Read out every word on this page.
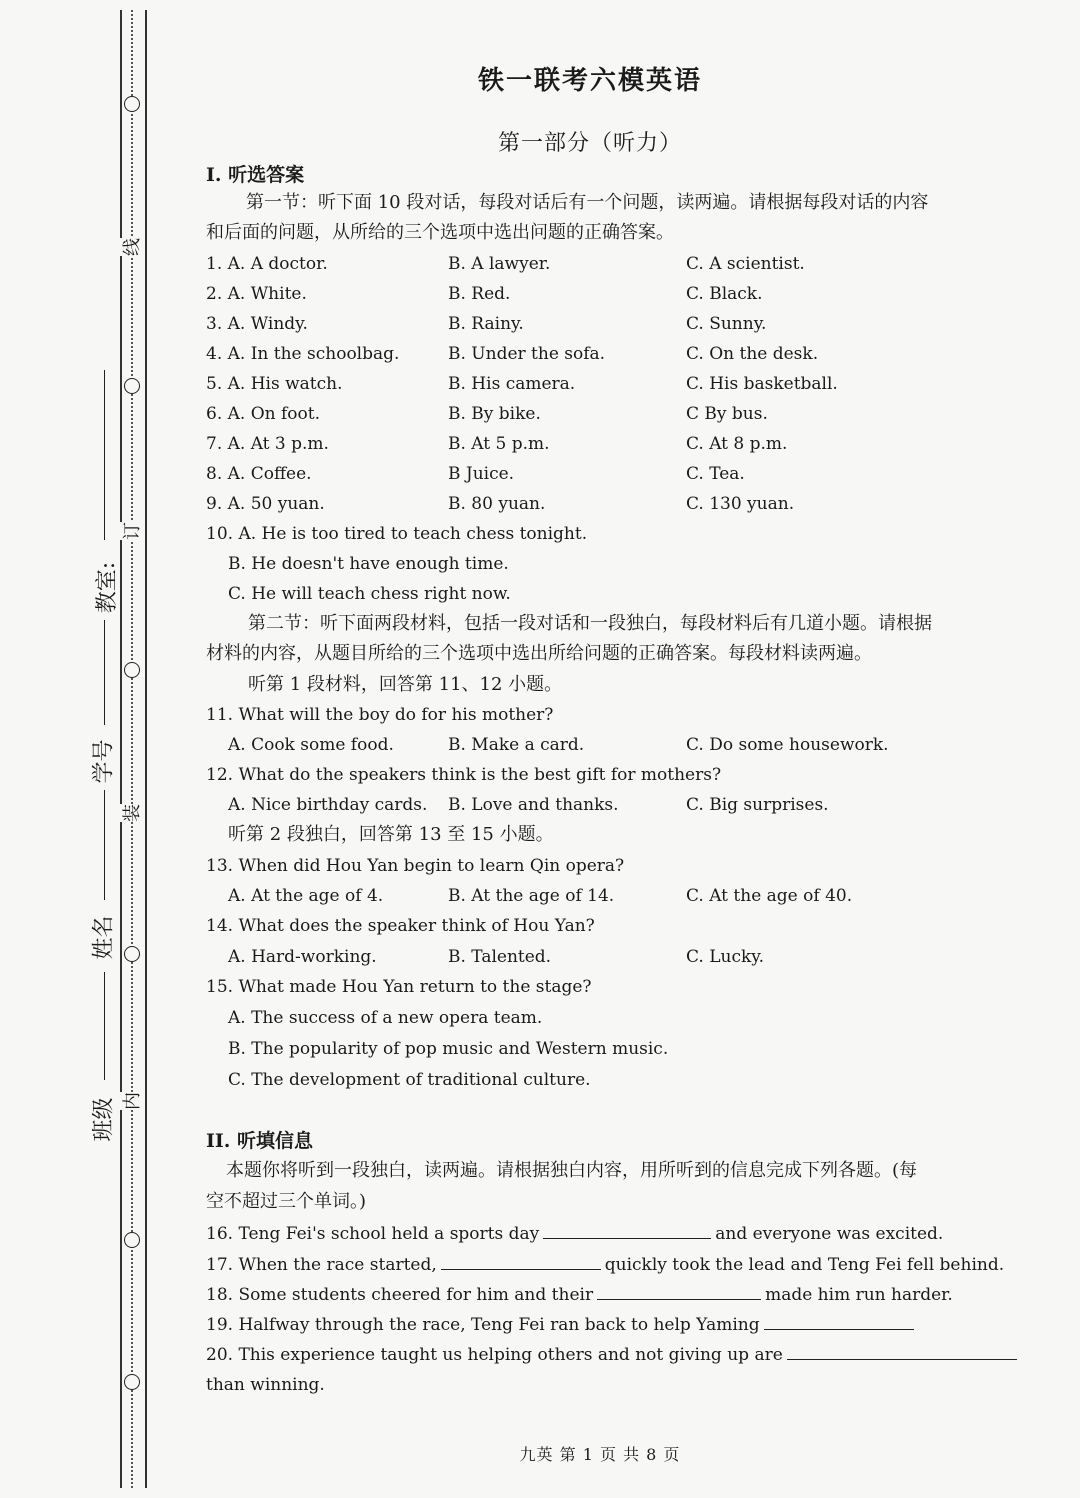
线
订
装
内
教室:
学号
姓名
班级
铁一联考六模英语
第一部分（听力）
I. 听选答案
第一节：听下面 10 段对话，每段对话后有一个问题，读两遍。请根据每段对话的内容
和后面的问题，从所给的三个选项中选出问题的正确答案。
1. A. A doctor.	B. A lawyer.	C. A scientist.
2. A. White.	B. Red.	C. Black.
3. A. Windy.	B. Rainy.	C. Sunny.
4. A. In the schoolbag.	B. Under the sofa.	C. On the desk.
5. A. His watch.	B. His camera.	C. His basketball.
6. A. On foot.	B. By bike.	C By bus.
7. A. At 3 p.m.	B. At 5 p.m.	C. At 8 p.m.
8. A. Coffee.	B Juice.	C. Tea.
9. A. 50 yuan.	B. 80 yuan.	C. 130 yuan.
10. A. He is too tired to teach chess tonight.
B. He doesn't have enough time.
C. He will teach chess right now.
第二节：听下面两段材料，包括一段对话和一段独白，每段材料后有几道小题。请根据
材料的内容，从题目所给的三个选项中选出所给问题的正确答案。每段材料读两遍。
听第 1 段材料，回答第 11、12 小题。
11. What will the boy do for his mother?
A. Cook some food.	B. Make a card.	C. Do some housework.
12. What do the speakers think is the best gift for mothers?
A. Nice birthday cards. B. Love and thanks.	C. Big surprises.
听第 2 段独白，回答第 13 至 15 小题。
13. When did Hou Yan begin to learn Qin opera?
A. At the age of 4.	B. At the age of 14.	C. At the age of 40.
14. What does the speaker think of Hou Yan?
A. Hard-working.	B. Talented.	C. Lucky.
15. What made Hou Yan return to the stage?
A. The success of a new opera team.
B. The popularity of pop music and Western music.
C. The development of traditional culture.
II. 听填信息
本题你将听到一段独白，读两遍。请根据独白内容，用所听到的信息完成下列各题。(每
空不超过三个单词。)
16. Teng Fei's school held a sports day	and everyone was excited.
17. When the race started,	quickly took the lead and Teng Fei fell behind.
18. Some students cheered for him and their	made him run harder.
19. Halfway through the race, Teng Fei ran back to help Yaming
20. This experience taught us helping others and not giving up are
than winning.
九英 第 1 页 共 8 页
